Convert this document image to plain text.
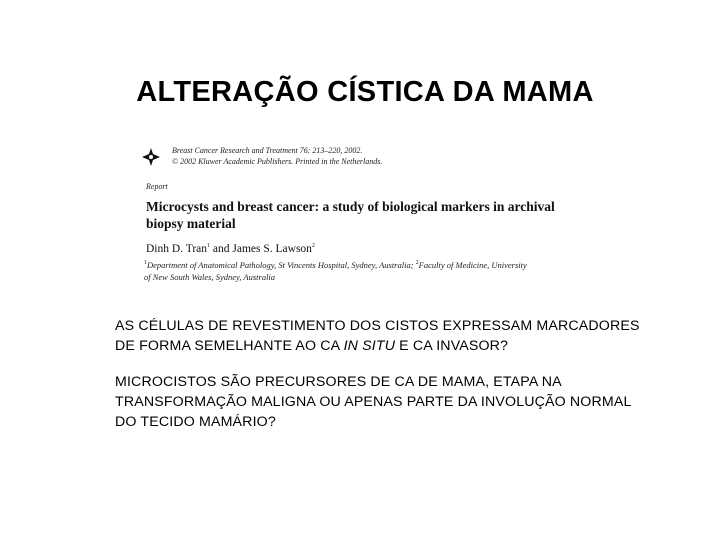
ALTERAÇÃO CÍSTICA DA MAMA
Breast Cancer Research and Treatment 76: 213–220, 2002.
© 2002 Kluwer Academic Publishers. Printed in the Netherlands.
Report
Microcysts and breast cancer: a study of biological markers in archival biopsy material
Dinh D. Tran$^1$ and James S. Lawson$^2$
$^1$Department of Anatomical Pathology, St Vincents Hospital, Sydney, Australia; $^2$Faculty of Medicine, University
of New South Wales, Sydney, Australia
AS CÉLULAS DE REVESTIMENTO DOS CISTOS EXPRESSAM MARCADORES
DE FORMA SEMELHANTE AO CA IN SITU E CA INVASOR?
MICROCISTOS SÃO PRECURSORES DE CA DE MAMA, ETAPA NA
TRANSFORMAÇÃO MALIGNA OU APENAS PARTE DA INVOLUÇÃO NORMAL
DO TECIDO MAMÁRIO?
